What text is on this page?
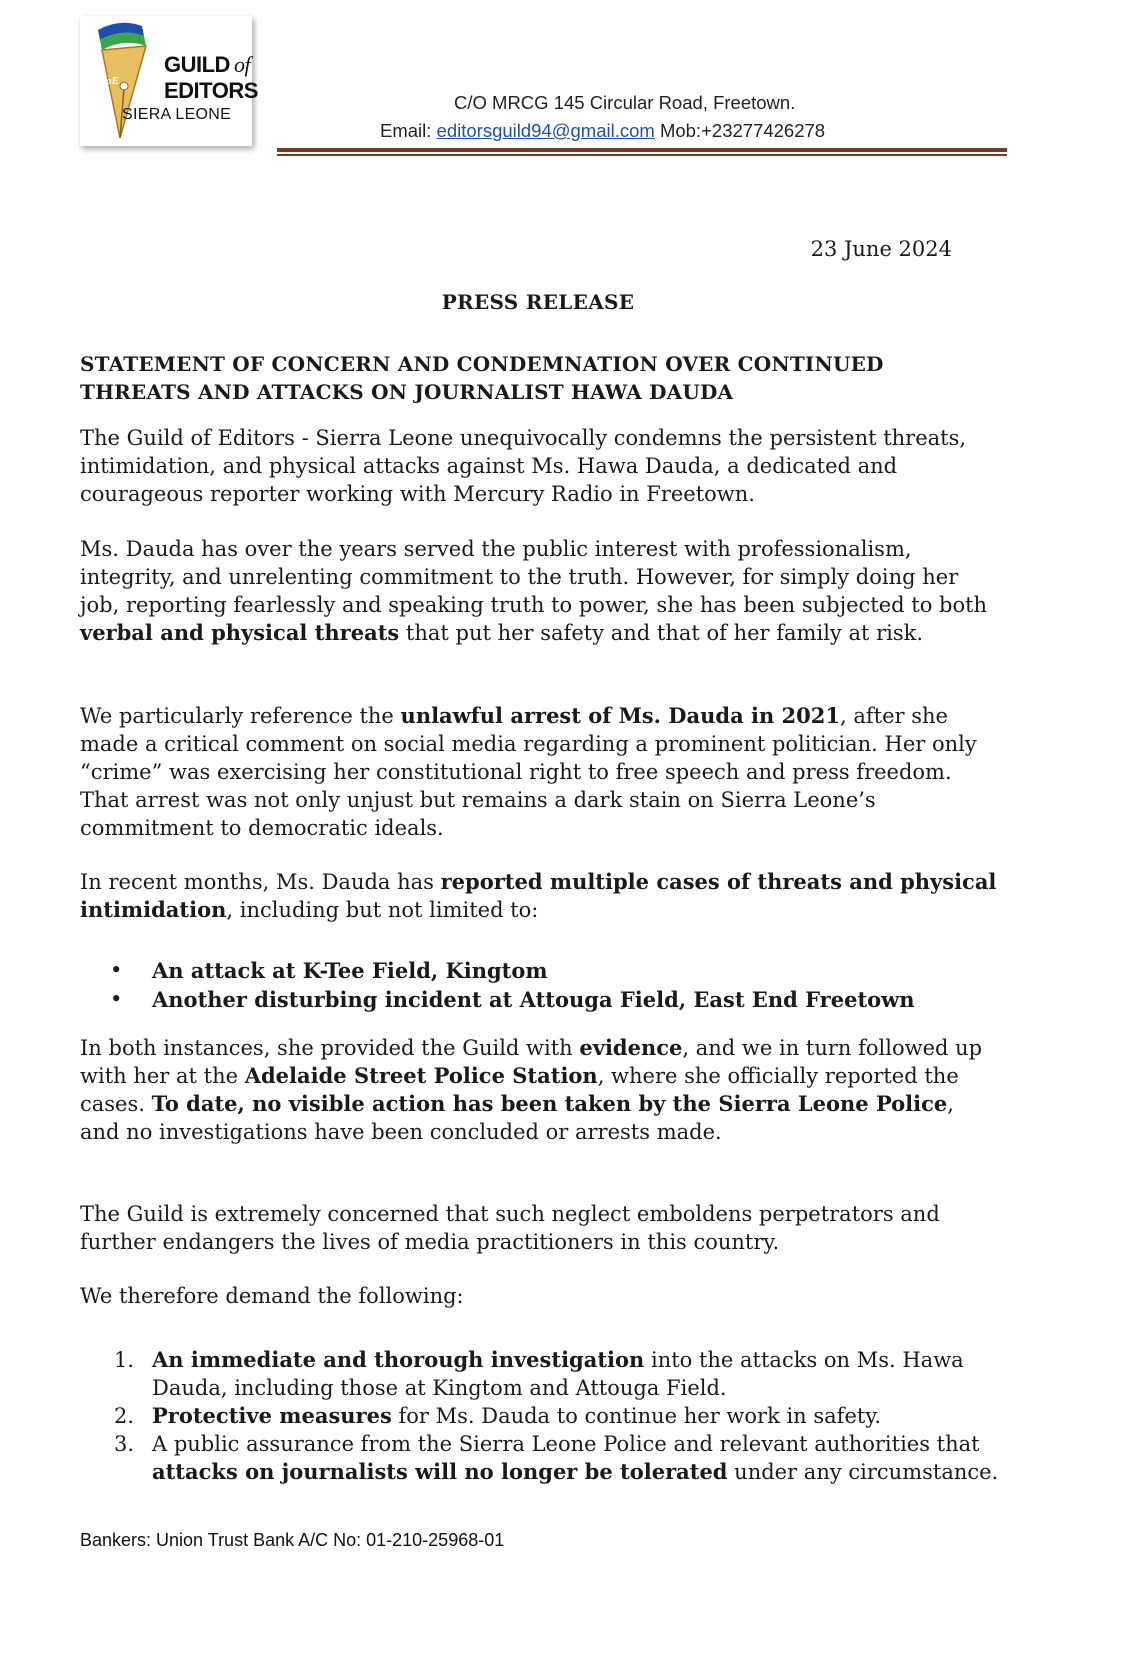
GoE
GUILD of
EDITORS
SIERA LEONE
C/O MRCG 145 Circular Road, Freetown.
Email: editorsguild94@gmail.com Mob:+23277426278
23 June 2024
PRESS RELEASE
STATEMENT OF CONCERN AND CONDEMNATION OVER CONTINUED THREATS AND ATTACKS ON JOURNALIST HAWA DAUDA
The Guild of Editors - Sierra Leone unequivocally condemns the persistent threats, intimidation, and physical attacks against Ms. Hawa Dauda, a dedicated and courageous reporter working with Mercury Radio in Freetown.
Ms. Dauda has over the years served the public interest with professionalism, integrity, and unrelenting commitment to the truth. However, for simply doing her job, reporting fearlessly and speaking truth to power, she has been subjected to both verbal and physical threats that put her safety and that of her family at risk.
We particularly reference the unlawful arrest of Ms. Dauda in 2021, after she made a critical comment on social media regarding a prominent politician. Her only “crime” was exercising her constitutional right to free speech and press freedom. That arrest was not only unjust but remains a dark stain on Sierra Leone’s commitment to democratic ideals.
In recent months, Ms. Dauda has reported multiple cases of threats and physical intimidation, including but not limited to:
• An attack at K-Tee Field, Kingtom
• Another disturbing incident at Attouga Field, East End Freetown
In both instances, she provided the Guild with evidence, and we in turn followed up with her at the Adelaide Street Police Station, where she officially reported the cases. To date, no visible action has been taken by the Sierra Leone Police, and no investigations have been concluded or arrests made.
The Guild is extremely concerned that such neglect emboldens perpetrators and further endangers the lives of media practitioners in this country.
We therefore demand the following:
1. An immediate and thorough investigation into the attacks on Ms. Hawa Dauda, including those at Kingtom and Attouga Field.
2. Protective measures for Ms. Dauda to continue her work in safety.
3. A public assurance from the Sierra Leone Police and relevant authorities that attacks on journalists will no longer be tolerated under any circumstance.
Bankers: Union Trust Bank A/C No: 01-210-25968-01
